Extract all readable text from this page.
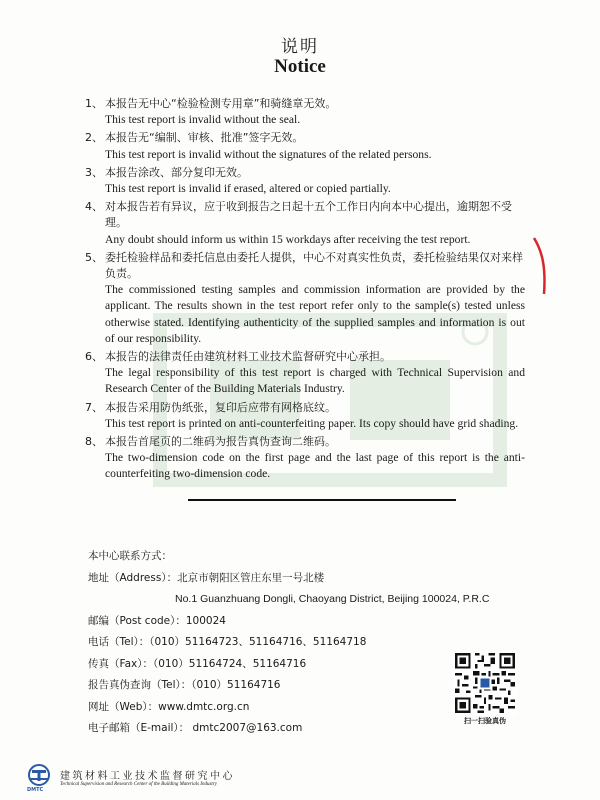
说明
Notice
1、 本报告无中心“检验检测专用章”和骑缝章无效。
This test report is invalid without the seal.
2、 本报告无“编制、审核、批准”签字无效。
This test report is invalid without the signatures of the related persons.
3、 本报告涂改、部分复印无效。
This test report is invalid if erased, altered or copied partially.
4、 对本报告若有异议，应于收到报告之日起十五个工作日内向本中心提出，逾期恕不受理。
Any doubt should inform us within 15 workdays after receiving the test report.
5、 委托检验样品和委托信息由委托人提供，中心不对真实性负责，委托检验结果仅对来样负责。
The commissioned testing samples and commission information are provided by the applicant. The results shown in the test report refer only to the sample(s) tested unless otherwise stated. Identifying authenticity of the supplied samples and information is out of our responsibility.
6、 本报告的法律责任由建筑材料工业技术监督研究中心承担。
The legal responsibility of this test report is charged with Technical Supervision and Research Center of the Building Materials Industry.
7、 本报告采用防伪纸张，复印后应带有网格底纹。
This test report is printed on anti-counterfeiting paper. Its copy should have grid shading.
8、 本报告首尾页的二维码为报告真伪查询二维码。
The two-dimension code on the first page and the last page of this report is the anti-counterfeiting two-dimension code.
本中心联系方式：
地址（Address）：北京市朝阳区管庄东里一号北楼
No.1 Guanzhuang Dongli, Chaoyang District, Beijing 100024, P.R.C
邮编（Post code）：100024
电话（Tel）：（010）51164723、51164716、51164718
传真（Fax）：（010）51164724、51164716
报告真伪查询（Tel）：（010）51164716
网址（Web）：www.dmtc.org.cn
电子邮箱（E-mail）： dmtc2007@163.com
扫一扫验真伪
DMTC
建筑材料工业技术监督研究中心
Technical Supervision and Research Center of the Building Materials Industry
